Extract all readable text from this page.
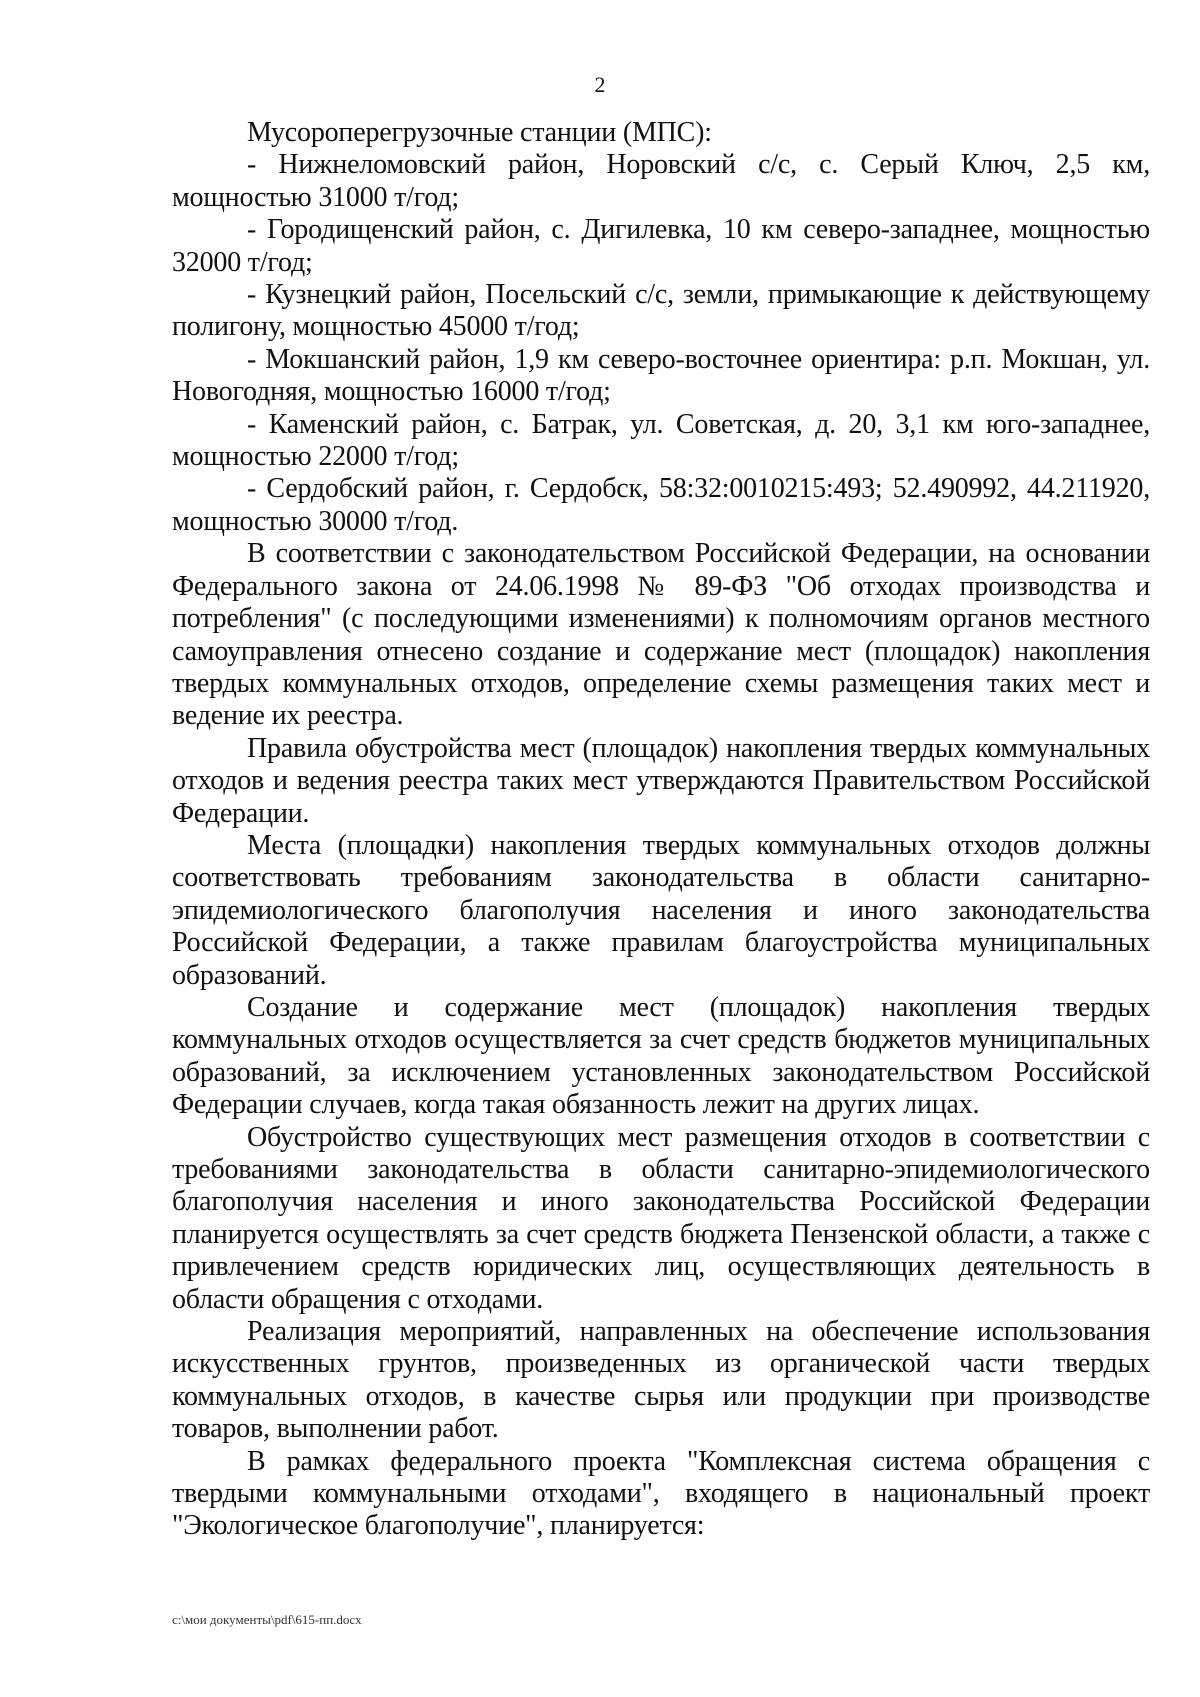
2

Мусороперегрузочные станции (МПС):

- Нижнеломовский район, Норовский с/с, с. Серый Ключ, 2,5 км, мощностью 31000 т/год;

- Городищенский район, с. Дигилевка, 10 км северо-западнее, мощностью 32000 т/год;

- Кузнецкий район, Посельский с/с, земли, примыкающие к действующему полигону, мощностью 45000 т/год;

- Мокшанский район, 1,9 км северо-восточнее ориентира: р.п. Мокшан, ул. Новогодняя, мощностью 16000 т/год;

- Каменский район, с. Батрак, ул. Советская, д. 20, 3,1 км юго-западнее, мощностью 22000 т/год;

- Сердобский район, г. Сердобск, 58:32:0010215:493; 52.490992, 44.211920, мощностью 30000 т/год.

В соответствии с законодательством Российской Федерации, на основании Федерального закона от 24.06.1998 № 89-ФЗ "Об отходах производства и потребления" (с последующими изменениями) к полномочиям органов местного самоуправления отнесено создание и содержание мест (площадок) накопления твердых коммунальных отходов, определение схемы размещения таких мест и ведение их реестра.

Правила обустройства мест (площадок) накопления твердых коммунальных отходов и ведения реестра таких мест утверждаются Правительством Российской Федерации.

Места (площадки) накопления твердых коммунальных отходов должны соответствовать требованиям законодательства в области санитарно-эпидемиологического благополучия населения и иного законодательства Российской Федерации, а также правилам благоустройства муниципальных образований.

Создание и содержание мест (площадок) накопления твердых коммунальных отходов осуществляется за счет средств бюджетов муниципальных образований, за исключением установленных законодательством Российской Федерации случаев, когда такая обязанность лежит на других лицах.

Обустройство существующих мест размещения отходов в соответствии с требованиями законодательства в области санитарно-эпидемиологического благополучия населения и иного законодательства Российской Федерации планируется осуществлять за счет средств бюджета Пензенской области, а также с привлечением средств юридических лиц, осуществляющих деятельность в области обращения с отходами.

Реализация мероприятий, направленных на обеспечение использования искусственных грунтов, произведенных из органической части твердых коммунальных отходов, в качестве сырья или продукции при производстве товаров, выполнении работ.

В рамках федерального проекта "Комплексная система обращения с твердыми коммунальными отходами", входящего в национальный проект "Экологическое благополучие", планируется:

c:\мои документы\pdf\615-пп.docx
